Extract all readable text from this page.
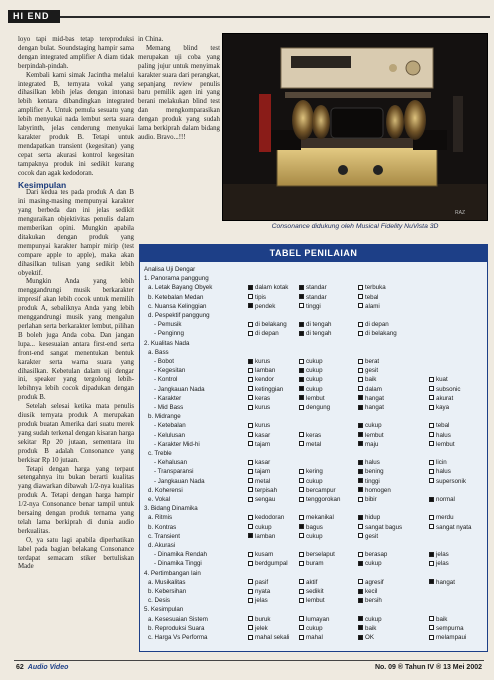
HI END

loyo tapi mid-bas tetap tereproduksi dengan bulat. Soundstaging hampir sama dengan integrated amplifier A diam tidak berpindah-pindah.

Kembali kami simak Jacintha melalui integrated B, ternyata vokal yang dihasilkan lebih jelas dengan intonasi lebih kentara dibandingkan integrated amplifier A. Untuk pemula sesuatu yang lebih menyukai nada lembut serta suara labyrinth, jelas cenderung menyukai karakter produk B. Tetapi untuk mendapatkan transient (kegesitan) yang cepat serta akurasi kontrol kegesitan tampaknya produk ini sedikit kurang cocok dan agak kedodoran.

Kesimpulan

Dari kedua tes pada produk A dan B ini masing-masing mempunyai karakter yang berbeda dan ini jelas sedikit menguraikan objektivitas penulis dalam memberikan opini. Mungkin apabila ditakukan dengan produk yang mempunyai karakter hampir mirip (test compare apple to apple), maka akan dihasilkan tulisan yang sedikit lebih obyektif.

Mungkin Anda yang lebih menggandrungi musik berkarakter impresif akan lebih cocok untuk memilih produk A, sebaliknya Anda yang lebih menggandrungi musik yang mengalun perlahan serta berkarakter lembut, pilihan B boleh juga Anda coba. Dan jangan lupa... kesesuaian antara first-end serta front-end sangat menentukan bentuk karakter serta warna suara yang dihasilkan. Kebetulan dalam uji dengar ini, speaker yang tergolong lebih-lebihnya lebih cocok dipadukan dengan produk B.

Setelah selesai ketika mata penulis diusik ternyata produk A merupakan produk buatan Amerika dari suatu merek yang sudah terkenal dengan kisaran harga sekitar Rp 20 jutaan, sementara itu produk B adalah Consonance yang berkisar Rp 10 jutaan.

Tetapi dengan harga yang terpaut setengahnya itu bukan berarti kualitas yang diawarkan dibawah 1/2-nya kualitas produk A. Tetapi dengan harga hampir 1/2-nya Consonance benar tampil untuk bersaing dengan produk ternama yang telah lama berkiprah di dunia audio berkualitas.

O, ya satu lagi apabila diperhatikan label pada bagian belakang Consonance terdapat semacam stiker bertuliskan Made

in China.

Memang blind test merupakan uji coba yang paling jujur untuk menyimak karakter suara dari perangkat, sepanjang review penulis baru pemilik agen ini yang berani melakukan blind test dan mengkomparasikan dengan produk yang sudah lama berkiprah dalam bidang audio. Bravo...!!!

RAZ
Consonance didukung oleh Musical Fidelity NuVista 3D
TABEL PENILAIAN
Analisa Uji Dengar
1. Panorama panggung
a. Letak Bayang Obyek	dalam kotak	standar	terbuka
b. Ketebalan Medan	tipis	standar	tebal
c. Nuansa Kelinggian	pendek	tinggi	alami
d. Pespektif panggung
- Pemusik	di belakang	di tengah	di depan
- Penginng	di depan	di tengah	di belakang
2. Kualitas Nada
a. Bass
- Bobot	kurus	cukup	berat
- Kegesitan	lamban	cukup	gesit
- Kontrol	kendor	cukup	baik	kuat
- Jangkauan Nada	ketinggian	cukup	dalam	subsonic
- Karakter	keras	lembut	hangat	akurat
- Mid Bass	kurus	dengung	hangat	kaya
b. Midrange
- Ketebalan	kurus	cukup	tebal
- Kelulusan	kasar	keras	lembut	halus
- Karakter Mid-hi	tajam	metal	maju	lembut
c. Treble
- Kehalusan	kasar	halus	licin
- Transparansi	tajam	kering	bening	halus
- Jangkauan Nada	metal	cukup	tinggi	supersonik
d. Koherensi	terpisah	bercampur	homogen
e. Vokal	sengau	tenggorokan	bibir	normal
3. Bidang Dinamika
a. Ritmis	kedodoran	mekanikal	hidup	merdu
b. Kontras	cukup	bagus	sangat bagus	sangat nyata
c. Transient	lamban	cukup	gesit
d. Akurasi
- Dinamika Rendah	kusam	berselaput	berasap	jelas
- Dinamika Tinggi	berdgumpal	buram	cukup	jelas
4. Pertimbangan lain
a. Musikalitas	pasif	aktif	agresif	hangat
b. Kebersihan	nyata	sedikit	kecil
c. Desis	jelas	lembut	bersih
5. Kesimpulan
a. Kesesuaian Sistem	buruk	lumayan	cukup	baik
b. Reproduksi Suara	jelek	cukup	baik	sempurna
c. Harga Vs Performa	mahal sekali	mahal	OK	melampaui
62 Audio Video	No. 09 ® Tahun IV ® 13 Mei 2002
